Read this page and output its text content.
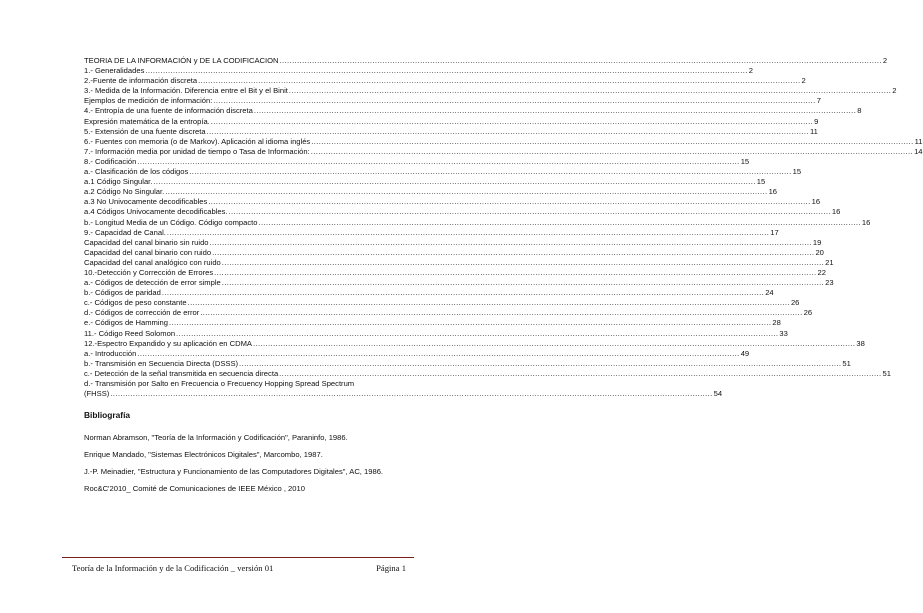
TEORIA DE LA INFORMACIÓN y DE LA CODIFICACION .....	2
1.- Generalidades .....	2
2.-Fuente de información discreta .....	2
3.- Medida de la Información. Diferencia entre el Bit y el Binit .....	2
Ejemplos de medición de información: .....	7
4.- Entropía de una fuente de información discreta .....	8
Expresión matemática de la entropía. .....	9
5.- Extensión de una fuente discreta .....	11
6.- Fuentes con memoria (o de Markov). Aplicación al idioma inglés .....	11
7.- Información media por unidad de tiempo o Tasa de Información: .....	14
8.- Codificación .....	15
a.- Clasificación de los códigos .....	15
a.1 Código Singular. .....	15
a.2 Código No Singular. .....	16
a.3 No Univocamente decodificables .....	16
a.4 Códigos Univocamente decodificables. .....	16
b.- Longitud Media de un Código. Código compacto .....	16
9.- Capacidad de Canal. .....	17
Capacidad del canal binario sin ruido .....	19
Capacidad del canal binario con ruido .....	20
Capacidad del canal analógico con ruido .....	21
10.-Detección y Corrección de Errores .....	22
a.- Códigos de detección de error simple .....	23
b.- Códigos de paridad .....	24
c.- Códigos de peso constante .....	26
d.- Códigos de corrección de error .....	26
e.- Códigos de Hamming .....	28
11.- Código Reed Solomon .....	33
12.-Espectro Expandido y su aplicación en CDMA .....	38
a.- Introducción .....	49
b.- Transmisión en Secuencia Directa (DSSS) .....	51
c.- Detección de la señal transmitida en secuencia directa .....	51
d.- Transmisión por Salto en Frecuencia o Frecuency Hopping Spread Spectrum
(FHSS) .....	54
Bibliografía
Norman Abramson, "Teoría de la Información y Codificación", Paraninfo, 1986.
Enrique Mandado, "Sistemas Electrónicos Digitales", Marcombo, 1987.
J.-P. Meinadier, "Estructura y Funcionamiento de las Computadores Digitales", AC, 1986.
Roc&C'2010_ Comité de Comunicaciones de IEEE México , 2010
Teoría de la Información y de la Codificación _ versión 01	Página 1
